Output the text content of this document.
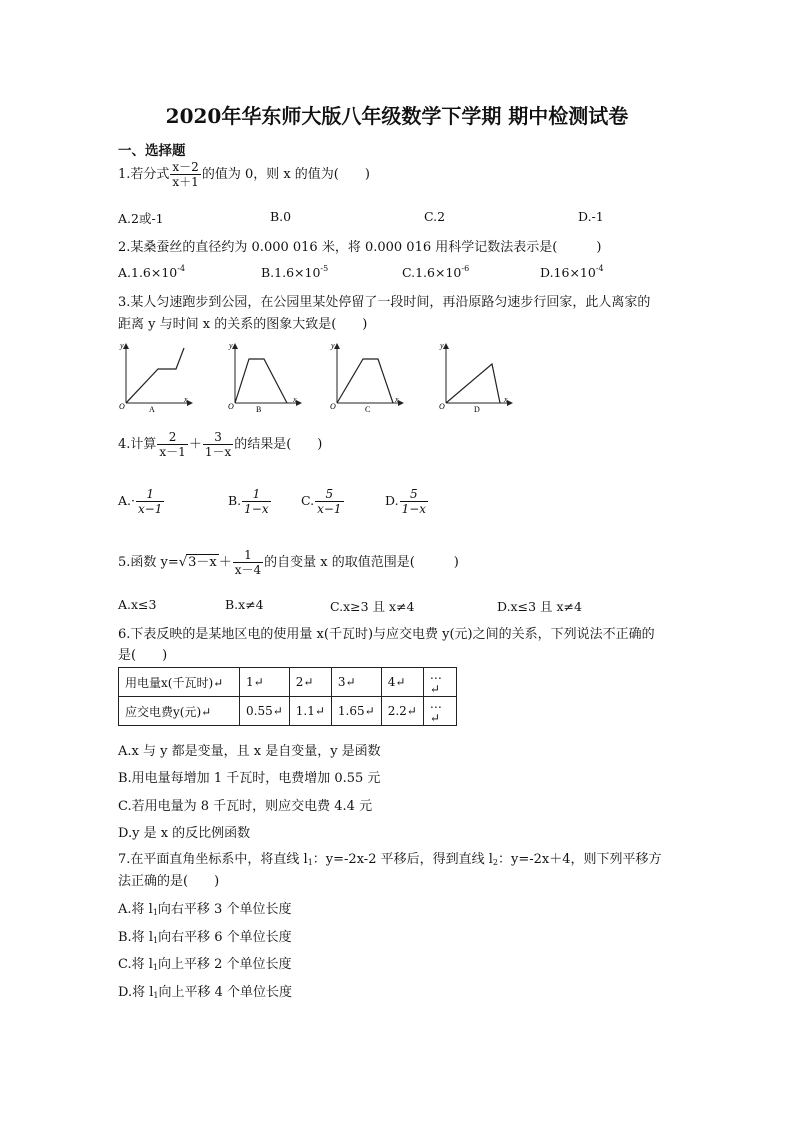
2020年华东师大版八年级数学下学期 期中检测试卷
一、选择题
1.若分式 $\frac{x-2}{x+1}$ 的值为 0，则 x 的值为(　　)
A.2或-1	B.0	C.2	D.-1
2.某桑蚕丝的直径约为 0.000 016 米，将 0.000 016 用科学记数法表示是(　　　)
$A.1.6\times 10^{-4}$	$B.1.6\times 10^{-5}$	$C.1.6\times 10^{-6}$	$D.16\times 10^{-4}$
3.某人匀速跑步到公园，在公园里某处停留了一段时间，再沿原路匀速步行回家，此人离家的
距离 y 与时间 x 的关系的图象大致是(　　)
y
x
O	A
y
x
O	B
y
x
O	C
y
x
O	D
4.计算 $\frac{2}{x-1} + \frac{3}{1-x}$ 的结果是(　　)
$A.\cdot \frac{1}{x-1}$	B. $\frac{1}{1-x} C$. $\frac{5}{x-1}$	D. $\frac{5}{1-x}$
5.函数 $y=√3-x + \frac{1}{x-4}$ 的自变量 x 的取值范围是(　　　)
A.x≤3	B.x≠4	C.x≥3 且 x≠4	D.x≤3 且 x≠4
6.下表反映的是某地区电的使用量 x(千瓦时)与应交电费 y(元)之间的关系，下列说法不正确的
是(　　)
用电量x(千瓦时)↵	1↵	2↵	3↵	4↵	…↵
应交电费y(元)↵	0.55↵	1.1↵	1.65↵	2.2↵	…↵
A.x 与 y 都是变量，且 x 是自变量，y 是函数
B.用电量每增加 1 千瓦时，电费增加 0.55 元
C.若用电量为 8 千瓦时，则应交电费 4.4 元
D.y 是 x 的反比例函数
7.在平面直角坐标系中，将直线 $l_1$：y=-2x-2 平移后，得到直线 $l_2$：y=-2x＋4，则下列平移方
法正确的是(　　)
A.将 $l_1$向右平移 3 个单位长度
B.将 $l_1$向右平移 6 个单位长度
C.将 $l_1$向上平移 2 个单位长度
D.将 $l_1$向上平移 4 个单位长度
